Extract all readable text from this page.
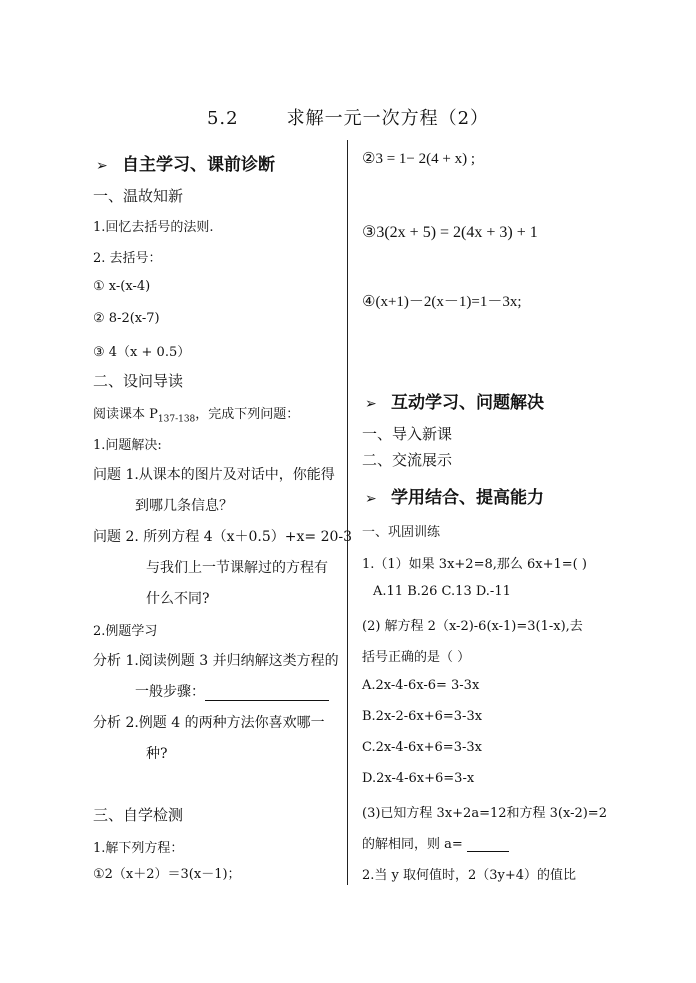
5.2	求解一元一次方程（2）
➢ 自主学习、课前诊断
一、温故知新
1.回忆去括号的法则.
2. 去括号：
① x-(x-4)
② 8-2(x-7)
③ 4（x + 0.5）
二、设问导读
阅读课本 $P_{137-138}$，完成下列问题：
1.问题解决:
问题 1.从课本的图片及对话中，你能得
到哪几条信息？
问题 2. 所列方程 4（x＋0.5）+x= 20-3
与我们上一节课解过的方程有
什么不同?
2.例题学习
分析 1.阅读例题 3 并归纳解这类方程的
一般步骤：
分析 2.例题 4 的两种方法你喜欢哪一
种?
三、自学检测
1.解下列方程：
①2（x＋2）＝3(x－1)；
②3 = 1− 2(4 + x) ;
③3(2x + 5) = 2(4x + 3) + 1
④(x+1)－2(x－1)=1－3x;
➢ 互动学习、问题解决
一、导入新课
二、交流展示
➢ 学用结合、提高能力
一、巩固训练
1.（1）如果 3x+2=8,那么 6x+1=( )
A.11 B.26 C.13 D.-11
(2) 解方程 2（x-2)-6(x-1)=3(1-x),去
括号正确的是（ ）
A.2x-4-6x-6= 3-3x
B.2x-2-6x+6=3-3x
C.2x-4-6x+6=3-3x
D.2x-4-6x+6=3-x
(3)已知方程 3x+2a=12和方程 3(x-2)=2
的解相同，则 a=
2.当 y 取何值时，2（3y+4）的值比
